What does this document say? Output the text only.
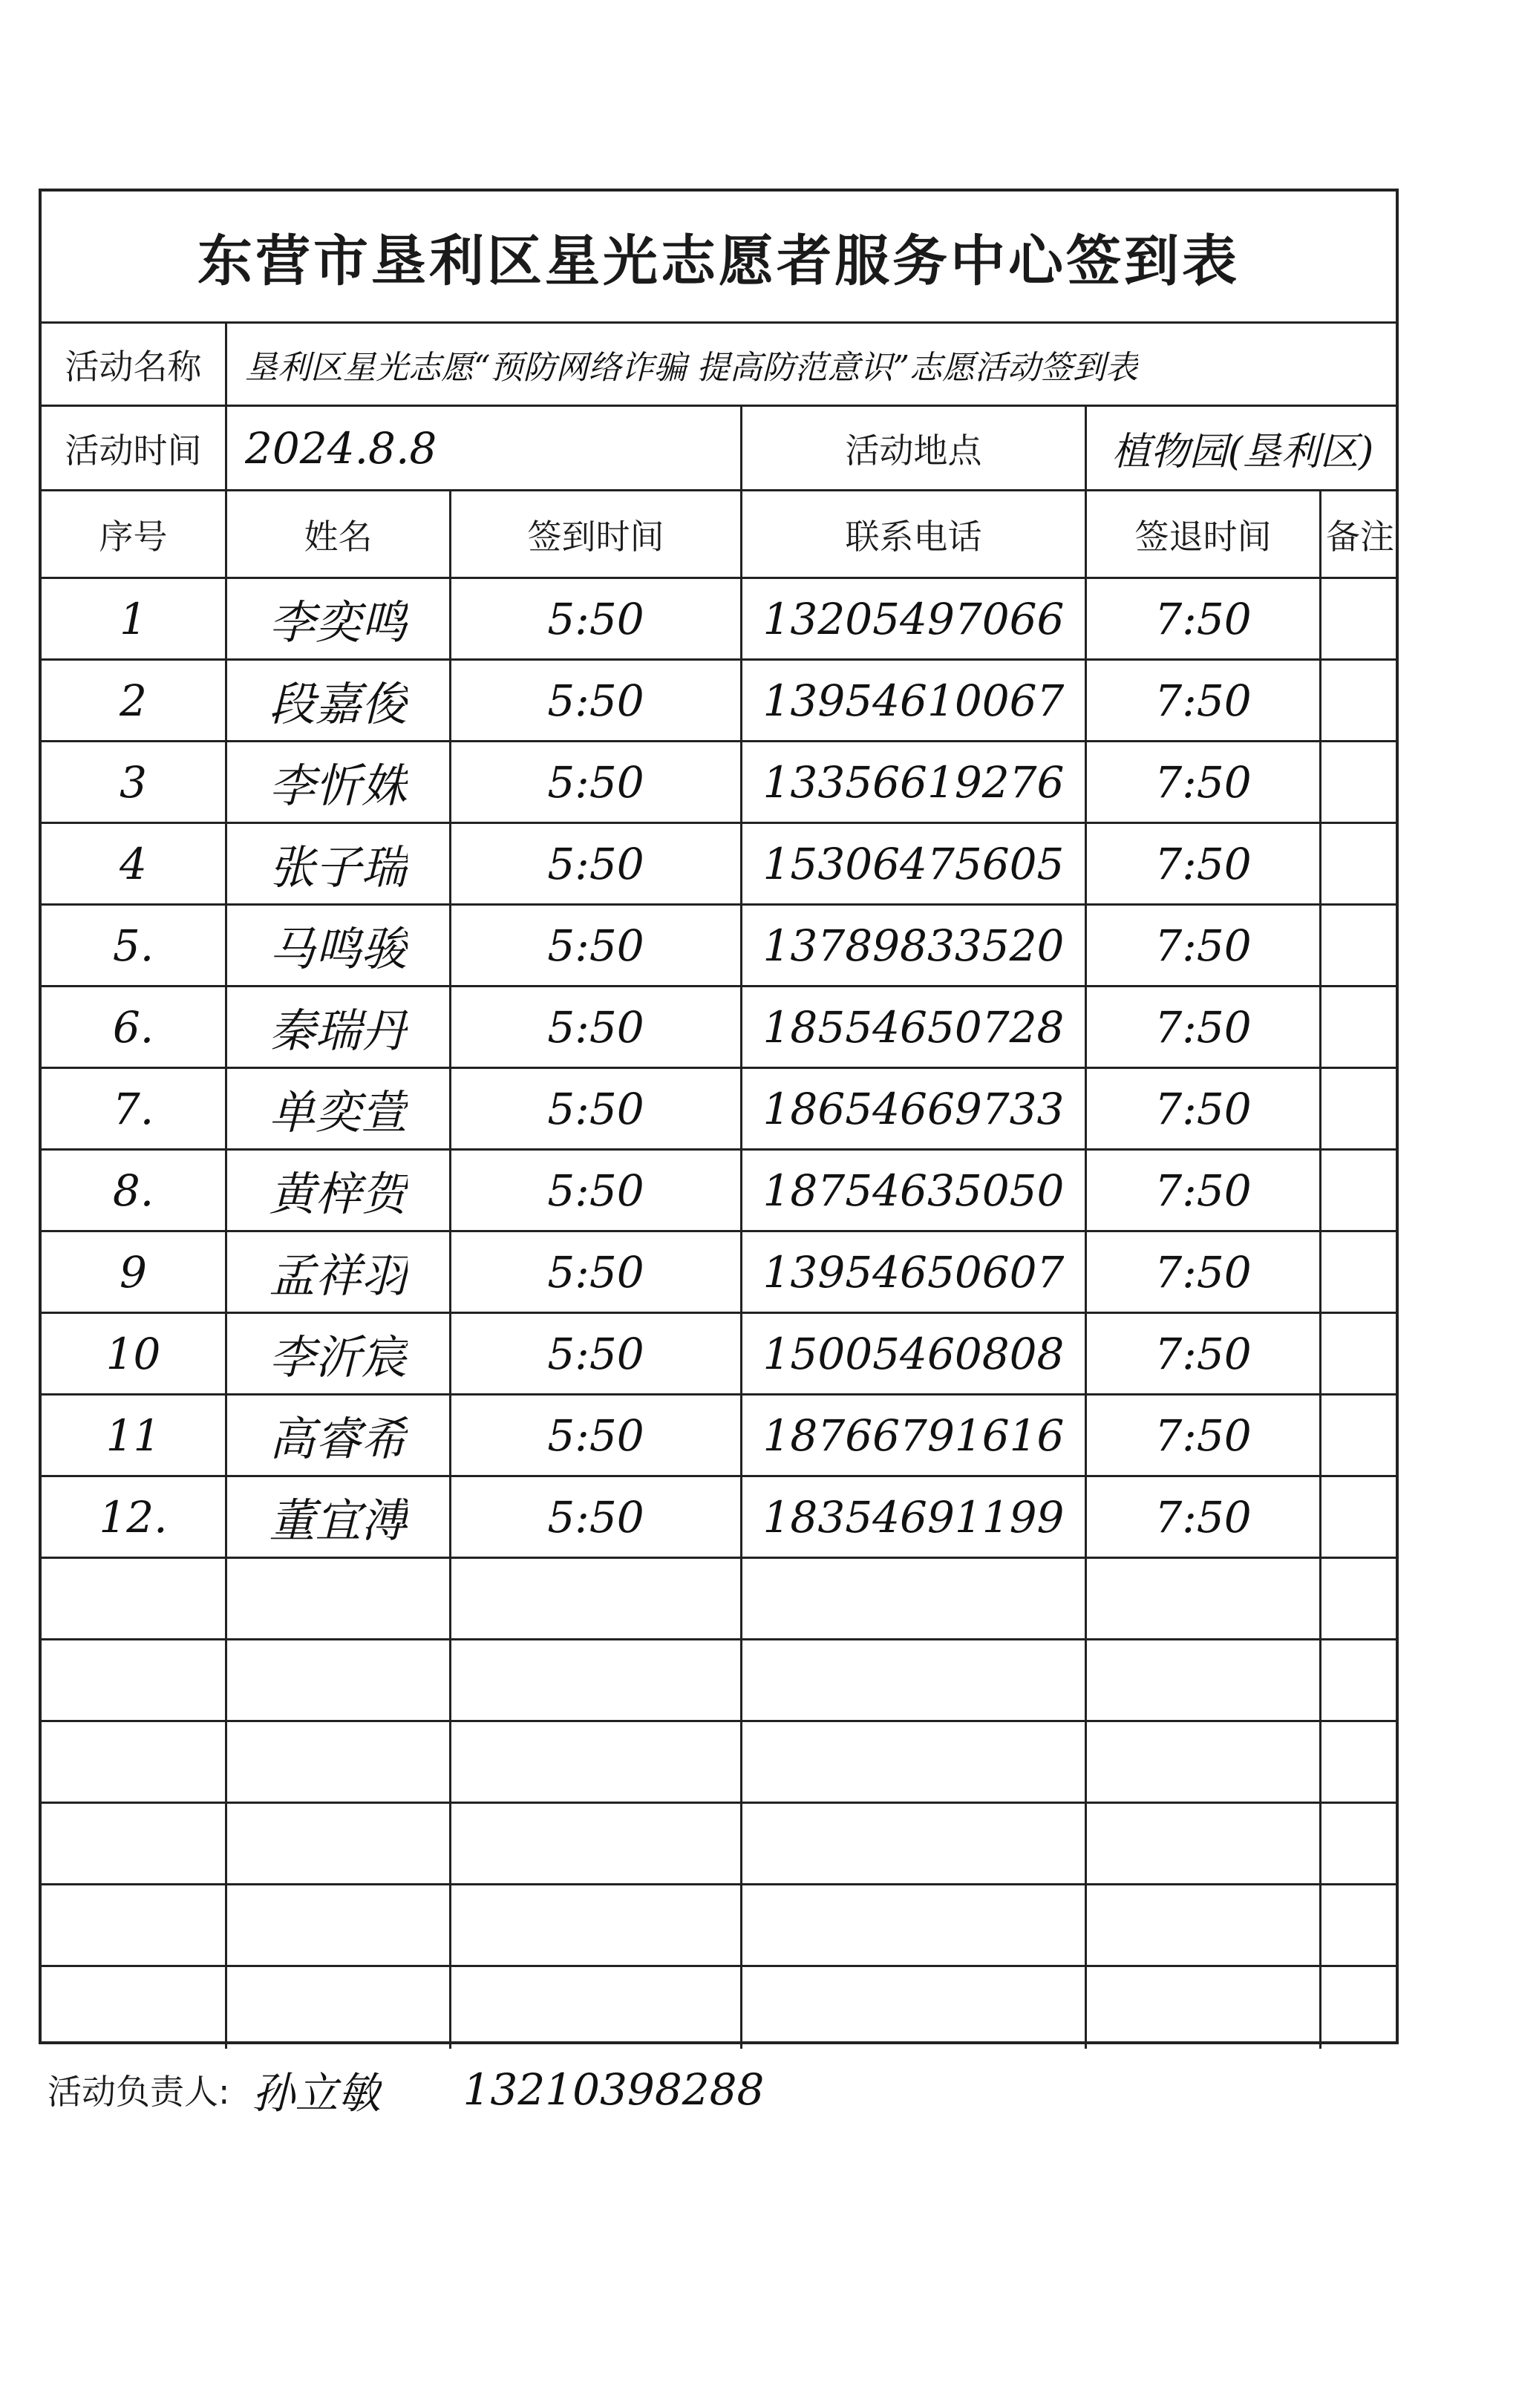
东营市垦利区星光志愿者服务中心签到表
活动名称 垦利区星光志愿“预防网络诈骗 提高防范意识”志愿活动签到表
活动时间 2024.8.8	活动地点	植物园(垦利区)
序号	姓名	签到时间	联系电话	签退时间 备注
1	李奕鸣	5:50	13205497066 7:50
2	段嘉俊	5:50	13954610067 7:50
3	李忻姝	5:50	13356619276 7:50
4	张子瑞	5:50	15306475605 7:50
5.	马鸣骏	5:50	13789833520 7:50
6.	秦瑞丹	5:50	18554650728 7:50
7.	单奕萱	5:50	18654669733 7:50
8.	黄梓贺	5:50	18754635050 7:50
9	孟祥羽	5:50	13954650607 7:50
10 李沂宸	5:50	15005460808 7:50
11 高睿希	5:50	18766791616 7:50
12. 董宜溥	5:50	18354691199 7:50
活动负责人: 孙立敏 13210398288
